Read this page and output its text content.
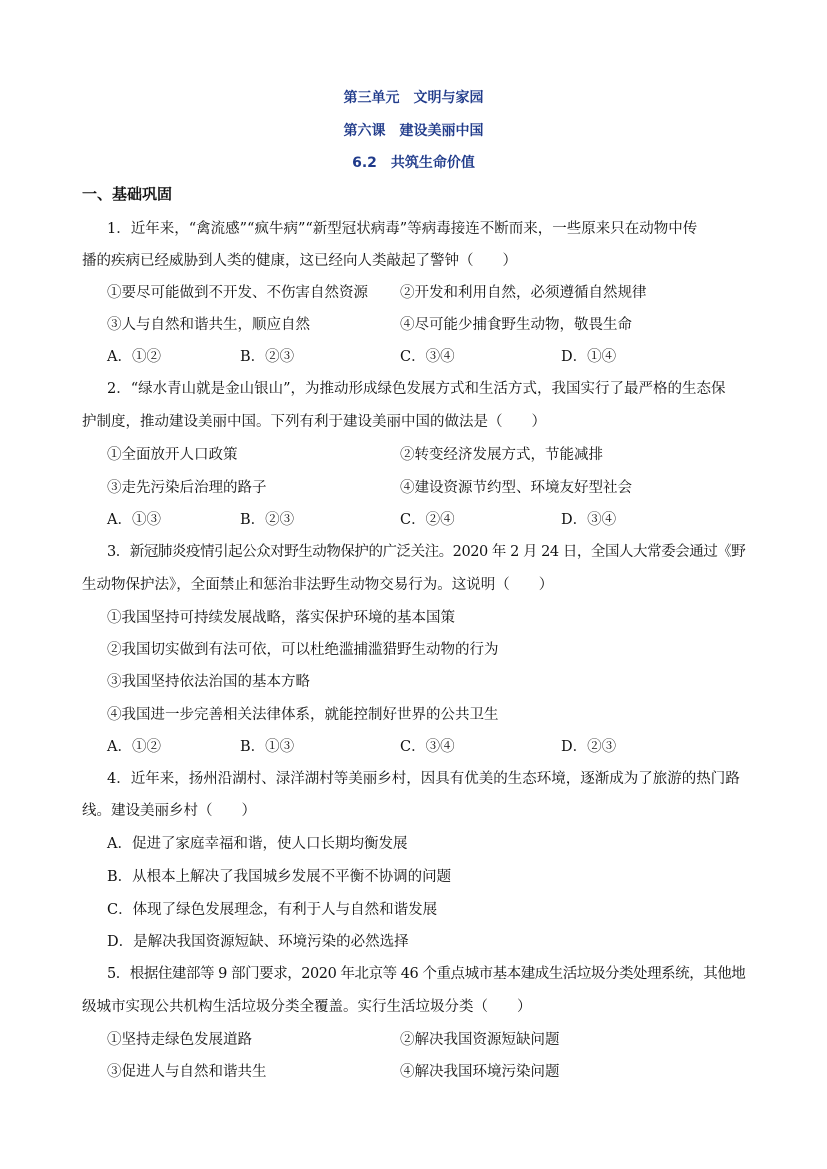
第三单元　文明与家园
第六课　建设美丽中国
6.2　共筑生命价值
一、基础巩固
1．近年来，“禽流感”“疯牛病”“新型冠状病毒”等病毒接连不断而来，一些原来只在动物中传
播的疾病已经威胁到人类的健康，这已经向人类敲起了警钟（　　）
①要尽可能做到不开发、不伤害自然资源 ②开发和利用自然，必须遵循自然规律
③人与自然和谐共生，顺应自然	④尽可能少捕食野生动物，敬畏生命
A．①②	B．②③	C．③④	D．①④
2．“绿水青山就是金山银山”，为推动形成绿色发展方式和生活方式，我国实行了最严格的生态保
护制度，推动建设美丽中国。下列有利于建设美丽中国的做法是（　　）
①全面放开人口政策	②转变经济发展方式，节能减排
③走先污染后治理的路子	④建设资源节约型、环境友好型社会
A．①③	B．②③	C．②④	D．③④
3．新冠肺炎疫情引起公众对野生动物保护的广泛关注。2020 年 2 月 24 日，全国人大常委会通过《野
生动物保护法》，全面禁止和惩治非法野生动物交易行为。这说明（　　）
①我国坚持可持续发展战略，落实保护环境的基本国策
②我国切实做到有法可依，可以杜绝滥捕滥猎野生动物的行为
③我国坚持依法治国的基本方略
④我国进一步完善相关法律体系，就能控制好世界的公共卫生
A．①②	B．①③	C．③④	D．②③
4．近年来，扬州沿湖村、渌洋湖村等美丽乡村，因具有优美的生态环境，逐渐成为了旅游的热门路
线。建设美丽乡村（　　）
A．促进了家庭幸福和谐，使人口长期均衡发展
B．从根本上解决了我国城乡发展不平衡不协调的问题
C．体现了绿色发展理念，有利于人与自然和谐发展
D．是解决我国资源短缺、环境污染的必然选择
5．根据住建部等 9 部门要求，2020 年北京等 46 个重点城市基本建成生活垃圾分类处理系统，其他地
级城市实现公共机构生活垃圾分类全覆盖。实行生活垃圾分类（　　）
①坚持走绿色发展道路	②解决我国资源短缺问题
③促进人与自然和谐共生	④解决我国环境污染问题
